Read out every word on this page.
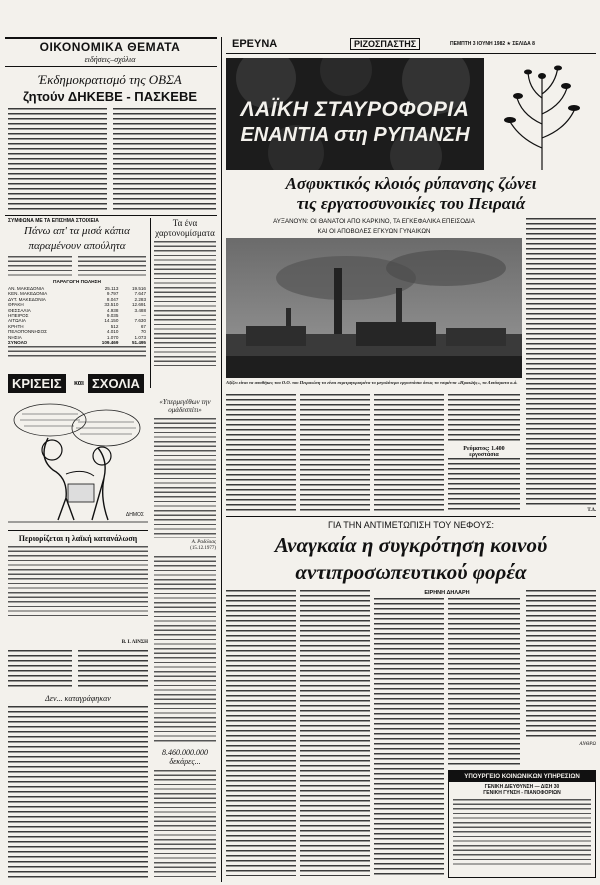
ΟΙΚΟΝΟΜΙΚΑ ΘΕΜΑΤΑ
ειδήσεις–σχόλια
Έκδημοκρατισμό της ΟΒΣΑ
ζητούν ΔΗΚΕΒΕ - ΠΑΣΚΕΒΕ
ΣΥΜΦΩΝΑ ΜΕ ΤΑ ΕΠΙΣΗΜΑ ΣΤΟΙΧΕΙΑ
Πάνω απ' τα μισά κάπια
παραμένουν απούλητα
ΠΑΡΑΓΩΓΗ ΠΩΛΗΣΗ
ΑΝ. ΜΑΚΕΔΟΝΙΑ	25.113	19.516
ΚΕΝ. ΜΑΚΕΔΟΝΙΑ	9.797	7.647
ΔΥΤ. ΜΑΚΕΔΟΝΙΑ	8.047	2.283
ΘΡΑΚΗ	33.510	12.691
ΘΕΣΣΑΛΙΑ	4.938	3.488
ΗΠΕΙΡΟΣ	9.035	—
ΑΙΤΩΛΙΑ	14.150	7.630
ΚΡΗΤΗ	512	67
ΠΕΛΟΠΟΝΝΗΣΟΣ	4.010	70
ΝΗΣΙΑ	1.070	1.073
ΣΥΝΟΛΟ	109.469	51.495
Τα ένα χαρτονομίσματα
ΚΡΙΣΕΙΣ	και ΣΧΟΛΙΑ
ΔΗΜΟΣ
Περιορίζεται η λαϊκή κατανάλωση
Β. Ι. ΛΙΝΣΗ
Δεν... καταγράφηκαν
«Υπερμεγέθων την ομάδεσπίτι»
Α. Ραδόλιας
(15.12.1977)
8.460.000.000 δεκάρες...
ΕΡΕΥΝΑ	ΡΙΖΟΣΠΑΣΤΗΣ	ΠΕΜΠΤΗ 3 ΙΟΥΝΗ 1982 ★ ΣΕΛΙΔΑ 8
ΛΑΪΚΗ ΣΤΑΥΡΟΦΟΡΙΑ
ΕΝΑΝΤΙΑ στη ΡΥΠΑΝΣΗ
Ασφυκτικός κλοιός ρύπανσης ζώνει
τις εργατοσυνοικίες του Πειραιά
ΑΥΞΑΝΟΥΝ: ΟΙ ΘΑΝΑΤΟΙ ΑΠΟ ΚΑΡΚΙΝΟ, ΤΑ ΕΓΚΕΦΑΛΙΚΑ ΕΠΕΙΣΟΔΙΑ
ΚΑΙ ΟΙ ΑΠΟΒΟΛΕΣ ΕΓΚΥΩΝ ΓΥΝΑΙΚΩΝ
Αξίζει είναι τα αποθήκες του Ο.Ο. του Πειραιώτη τα είναι περιτριγυρισμένα το μεγαλύτερα εργοστάσια όπως τα τσιμέντα «Ηρακλής», τα Λιπάσματα κ.ά.
Ρεύματος: 1.400 εργοστάσια
Τ.Δ.
ΓΙΑ ΤΗΝ ΑΝΤΙΜΕΤΩΠΙΣΗ ΤΟΥ ΝΕΦΟΥΣ:
Αναγκαία η συγκρότηση κοινού
αντιπροσωπευτικού φορέα
ΕΙΡΗΝΗ ΔΗΛΑΡΗ
ΑΝΘΡΩ
ΥΠΟΥΡΓΕΙΟ ΚΟΙΝΩΝΙΚΩΝ ΥΠΗΡΕΣΙΩΝ
ΓΕΝΙΚΗ ΔΙΕΥΘΥΝΣΗ — ΔΙΣΗ 30
ΓΕΝΙΚΗ ΓΥΝΣΗ - ΠΙΑΝΟΦΟΡΙΩΝ
